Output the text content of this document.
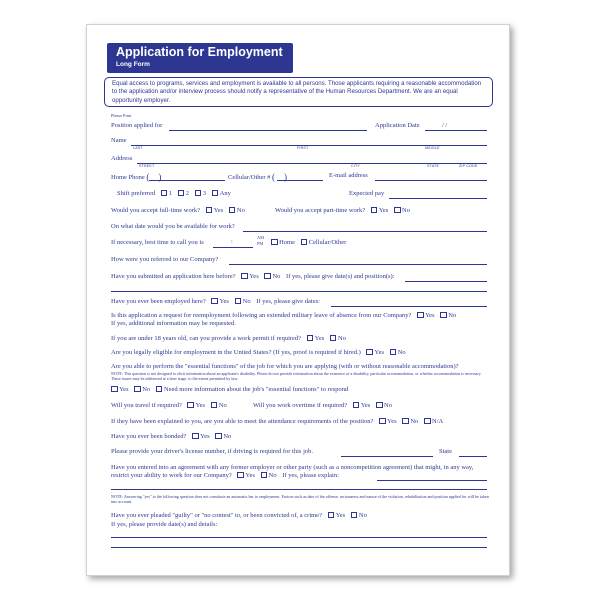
Application for Employment
Long Form
Equal access to programs, services and employment is available to all persons. Those applicants requiring a reasonable accommodation to the application and/or interview process should notify a representative of the Human Resources Department. We are an equal opportunity employer.
Please Print
Position applied for	Application Date	/ /
Name
LAST	FIRST	MIDDLE
Address
STREET	CITY	STATE	ZIP CODE
Home Phone (    )	Cellular/Other # (    )	E-mail address
Shift preferred 1 2 3 Any	Expected pay
Would you accept full-time work? Yes No	Would you accept part-time work? Yes No
On what date would you be available for work?
If necessary, best time to call you is	:
AM
PM	Home Cellular/Other
How were you referred to our Company?
Have you submitted an application here before? Yes No If yes, please give date(s) and position(s):
Have you ever been employed here? Yes No If yes, please give dates:
Is this application a request for reemployment following an extended military leave of absence from our Company? Yes No
If yes, additional information may be requested.
If you are under 18 years old, can you provide a work permit if required? Yes No
Are you legally eligible for employment in the United States? (If yes, proof is required if hired.) Yes No
Are you able to perform the "essential functions" of the job for which you are applying (with or without reasonable accommodation)?
NOTE: This question is not designed to elicit information about an applicant's disability. Please do not provide information about the existence of a disability, particular accommodation, or whether accommodation is necessary. These issues may be addressed at a later stage, to the extent permitted by law.
Yes No Need more information about the job's "essential functions" to respond
Will you travel if required? Yes No	Will you work overtime if required? Yes No
If they have been explained to you, are you able to meet the attendance requirements of the position? Yes No N/A
Have you ever been bonded? Yes No
Please provide your driver's license number, if driving is required for this job.	State
Have you entered into an agreement with any former employer or other party (such as a noncompetition agreement) that might, in any way,
restrict your ability to work for our Company? Yes No If yes, please explain:
NOTE: Answering "yes" to the following question does not constitute an automatic bar to employment. Factors such as date of the offense, seriousness and nature of the violation, rehabilitation and position applied for will be taken into account.
Have you ever pleaded "guilty" or "no contest" to, or been convicted of, a crime? Yes No
If yes, please provide date(s) and details:
